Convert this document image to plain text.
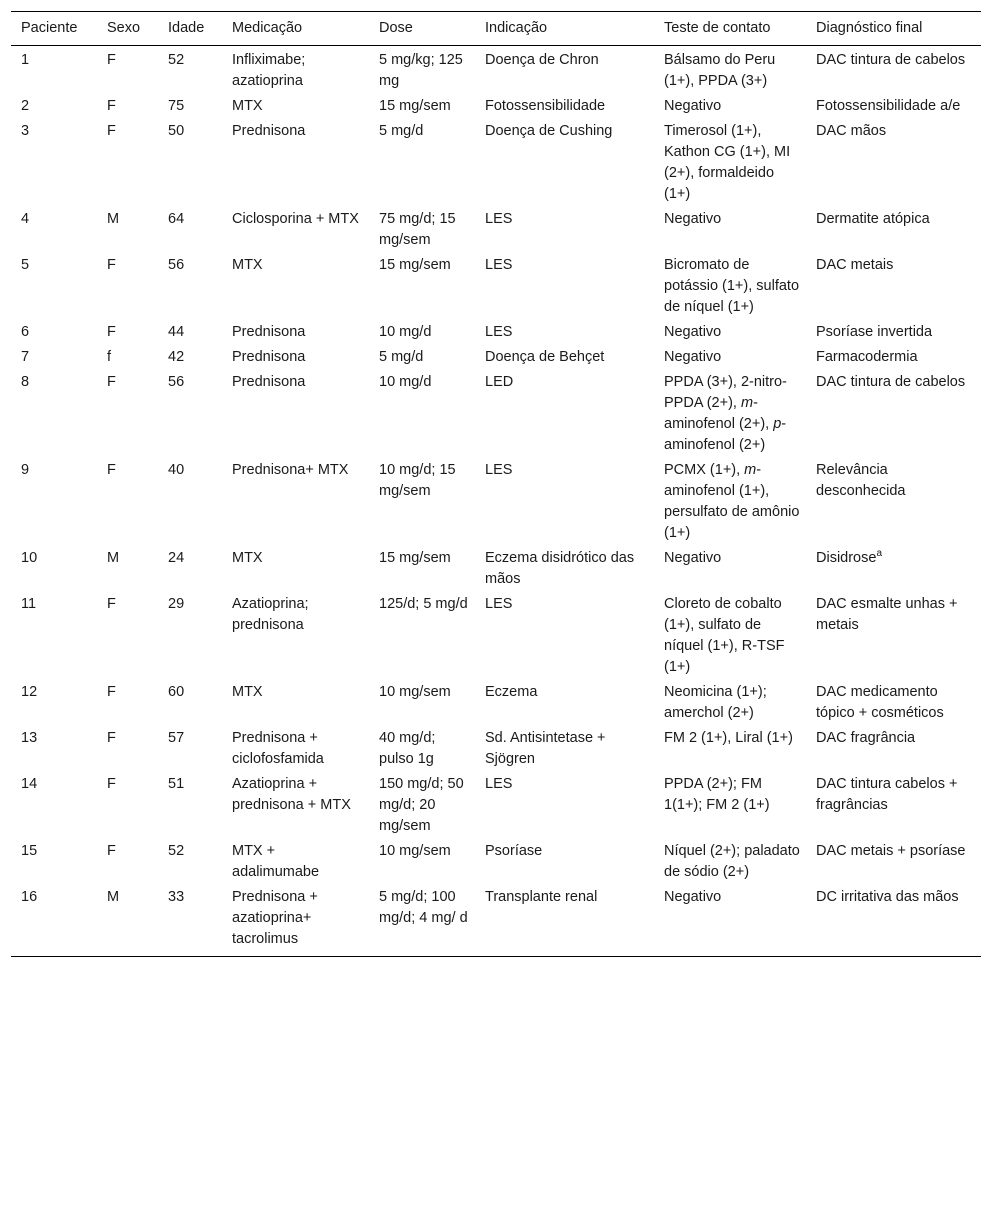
Paciente	Sexo	Idade	Medicação	Dose	Indicação	Teste de contato	Diagnóstico final
1	F	52	Infliximabe; azatioprina	5 mg/kg; 125 mg	Doença de Chron	Bálsamo do Peru (1+), PPDA (3+)	DAC tintura de cabelos
2	F	75	MTX	15 mg/sem	Fotossensibilidade	Negativo	Fotossensibilidade a/e
3	F	50	Prednisona	5 mg/d	Doença de Cushing	Timerosol (1+), Kathon CG (1+), MI (2+), formaldeido (1+)	DAC mãos
4	M	64	Ciclosporina + MTX	75 mg/d; 15 mg/sem	LES	Negativo	Dermatite atópica
5	F	56	MTX	15 mg/sem	LES	Bicromato de potássio (1+), sulfato de níquel (1+)	DAC metais
6	F	44	Prednisona	10 mg/d	LES	Negativo	Psoríase invertida
7	f	42	Prednisona	5 mg/d	Doença de Behçet	Negativo	Farmacodermia
8	F	56	Prednisona	10 mg/d	LED	PPDA (3+), 2-nitro-PPDA (2+), m-aminofenol (2+), p-aminofenol (2+)	DAC tintura de cabelos
9	F	40	Prednisona+ MTX	10 mg/d; 15 mg/sem	LES	PCMX (1+), m-aminofenol (1+), persulfato de amônio (1+)	Relevância desconhecida
10	M	24	MTX	15 mg/sem	Eczema disidrótico das mãos	Negativo	Disidrose$^a$
11	F	29	Azatioprina; prednisona	125/d; 5 mg/d	LES	Cloreto de cobalto (1+), sulfato de níquel (1+), R-TSF (1+)	DAC esmalte unhas + metais
12	F	60	MTX	10 mg/sem	Eczema	Neomicina (1+); amerchol (2+)	DAC medicamento tópico + cosméticos
13	F	57	Prednisona + ciclofosfamida	40 mg/d; pulso 1g	Sd. Antisintetase + Sjögren	FM 2 (1+), Liral (1+)	DAC fragrância
14	F	51	Azatioprina + prednisona + MTX	150 mg/d; 50 mg/d; 20 mg/sem	LES	PPDA (2+); FM 1(1+); FM 2 (1+)	DAC tintura cabelos + fragrâncias
15	F	52	MTX + adalimumabe	10 mg/sem	Psoríase	Níquel (2+); paladato de sódio (2+)	DAC metais + psoríase
16	M	33	Prednisona + azatioprina+ tacrolimus	5 mg/d; 100 mg/d; 4 mg/ d	Transplante renal	Negativo	DC irritativa das mãos
